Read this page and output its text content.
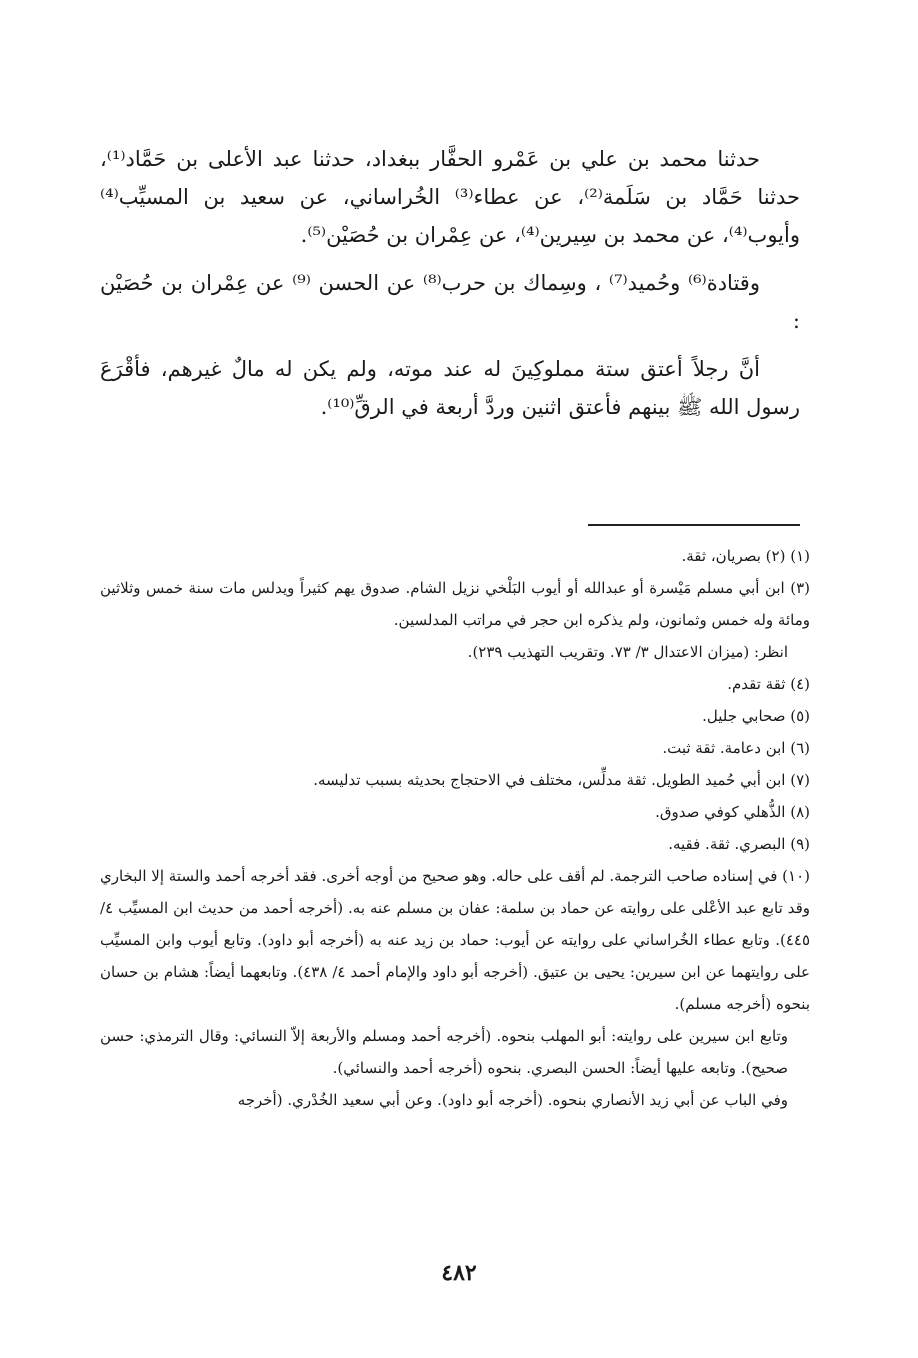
حدثنا محمد بن علي بن عَمْرو الحفَّار ببغداد، حدثنا عبد الأعلى بن حَمَّاد⁽¹⁾، حدثنا حَمَّاد بن سَلَمة⁽²⁾، عن عطاء⁽³⁾ الخُراساني، عن سعيد بن المسيِّب⁽⁴⁾ وأيوب⁽⁴⁾، عن محمد بن سِيرين⁽⁴⁾، عن عِمْران بن حُصَيْن⁽⁵⁾.

وقتادة⁽⁶⁾ وحُميد⁽⁷⁾ ، وسِماك بن حرب⁽⁸⁾ عن الحسن ⁽⁹⁾ عن عِمْران بن حُصَيْن :

أنَّ رجلاً أعتق ستة مملوكِينَ له عند موته، ولم يكن له مالٌ غيرهم، فأقْرَعَ رسول الله ﷺ بينهم فأعتق اثنين وردَّ أربعة في الرقِّ⁽¹⁰⁾.

(١) (٢) بصريان، ثقة.

(٣) ابن أبي مسلم مَيْسرة أو عبدالله أو أيوب البَلْخي نزيل الشام. صدوق يهم كثيراً ويدلس مات سنة خمس وثلاثين ومائة وله خمس وثمانون، ولم يذكره ابن حجر في مراتب المدلسين.

انظر: (ميزان الاعتدال ٣/ ٧٣. وتقريب التهذيب ٢٣٩).

(٤) ثقة تقدم.

(٥) صحابي جليل.

(٦) ابن دعامة. ثقة ثبت.

(٧) ابن أبي حُميد الطويل. ثقة مدلِّس، مختلف في الاحتجاج بحديثه بسبب تدليسه.

(٨) الذُّهلي كوفي صدوق.

(٩) البصري. ثقة. فقيه.

(١٠) في إسناده صاحب الترجمة. لم أقف على حاله. وهو صحيح من أوجه أخرى. فقد أخرجه أحمد والستة إلا البخاري وقد تابع عبد الأعْلى على روايته عن حماد بن سلمة: عفان بن مسلم عنه به. (أخرجه أحمد من حديث ابن المسيِّب ٤/ ٤٤٥). وتابع عطاء الخُراساني على روايته عن أيوب: حماد بن زيد عنه به (أخرجه أبو داود). وتابع أيوب وابن المسيِّب على روايتهما عن ابن سيرين: يحيى بن عتيق. (أخرجه أبو داود والإمام أحمد ٤/ ٤٣٨). وتابعهما أيضاً: هشام بن حسان بنحوه (أخرجه مسلم).

وتابع ابن سيرين على روايته: أبو المهلب بنحوه. (أخرجه أحمد ومسلم والأربعة إلاّ النسائي: وقال الترمذي: حسن صحيح). وتابعه عليها أيضاً: الحسن البصري. بنحوه (أخرجه أحمد والنسائي).

وفي الباب عن أبي زيد الأنصاري بنحوه. (أخرجه أبو داود). وعن أبي سعيد الخُدْري. (أخرجه

٤٨٢
